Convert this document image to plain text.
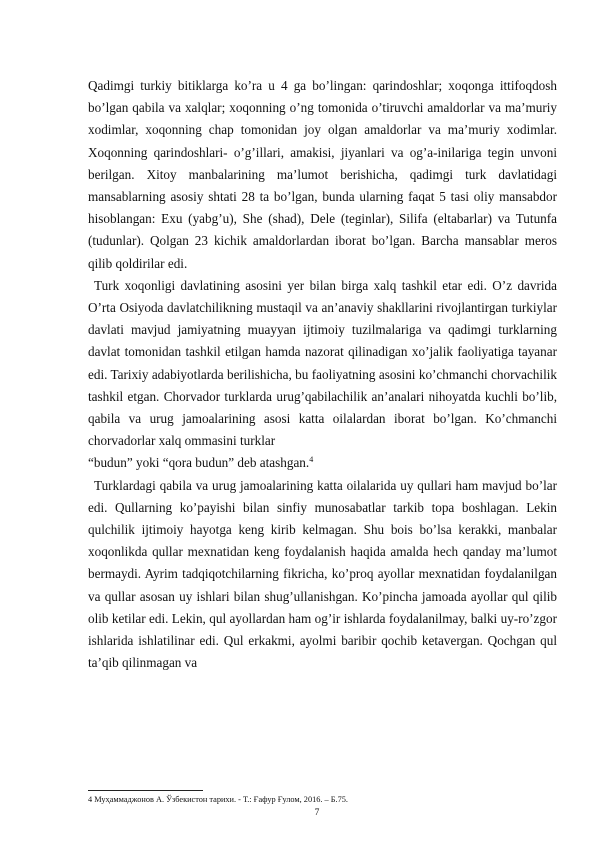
Qadimgi turkiy bitiklarga ko’ra u 4 ga bo’lingan: qarindoshlar; xoqonga ittifoqdosh bo’lgan qabila va xalqlar; xoqonning o’ng tomonida o’tiruvchi amaldorlar va ma’muriy xodimlar, xoqonning chap tomonidan joy olgan amaldorlar va ma’muriy xodimlar. Xoqonning qarindoshlari- o’g’illari, amakisi, jiyanlari va og’a-inilariga tegin unvoni berilgan. Xitoy manbalarining ma’lumot berishicha, qadimgi turk davlatidagi mansablarning asosiy shtati 28 ta bo’lgan, bunda ularning faqat 5 tasi oliy mansabdor hisoblangan: Exu (yabg’u), She (shad), Dele (teginlar), Silifa (eltabarlar) va Tutunfa (tudunlar). Qolgan 23 kichik amaldorlardan iborat bo’lgan. Barcha mansablar meros qilib qoldirilar edi.

Turk xoqonligi davlatining asosini yer bilan birga xalq tashkil etar edi. O’z davrida O’rta Osiyoda davlatchilikning mustaqil va an’anaviy shakllarini rivojlantirgan turkiylar davlati mavjud jamiyatning muayyan ijtimoiy tuzilmalariga va qadimgi turklarning davlat tomonidan tashkil etilgan hamda nazorat qilinadigan xo’jalik faoliyatiga tayanar edi. Tarixiy adabiyotlarda berilishicha, bu faoliyatning asosini ko’chmanchi chorvachilik tashkil etgan. Chorvador turklarda urug’qabilachilik an’analari nihoyatda kuchli bo’lib, qabila va urug jamoalarining asosi katta oilalardan iborat bo’lgan. Ko’chmanchi chorvadorlar xalq ommasini turklar

“budun” yoki “qora budun” deb atashgan.$^4$

Turklardagi qabila va urug jamoalarining katta oilalarida uy qullari ham mavjud bo’lar edi. Qullarning ko’payishi bilan sinfiy munosabatlar tarkib topa boshlagan. Lekin qulchilik ijtimoiy hayotga keng kirib kelmagan. Shu bois bo’lsa kerakki, manbalar xoqonlikda qullar mexnatidan keng foydalanish haqida amalda hech qanday ma’lumot bermaydi. Ayrim tadqiqotchilarning fikricha, ko’proq ayollar mexnatidan foydalanilgan va qullar asosan uy ishlari bilan shug’ullanishgan. Ko’pincha jamoada ayollar qul qilib olib ketilar edi. Lekin, qul ayollardan ham og’ir ishlarda foydalanilmay, balki uy-ro’zgor ishlarida ishlatilinar edi. Qul erkakmi, ayolmi baribir qochib ketavergan. Qochgan qul ta’qib qilinmagan va

4 Муҳаммаджонов А. Ўзбекистон тарихи. - Т.: Ғафур Ғулом, 2016. – Б.75.
7
